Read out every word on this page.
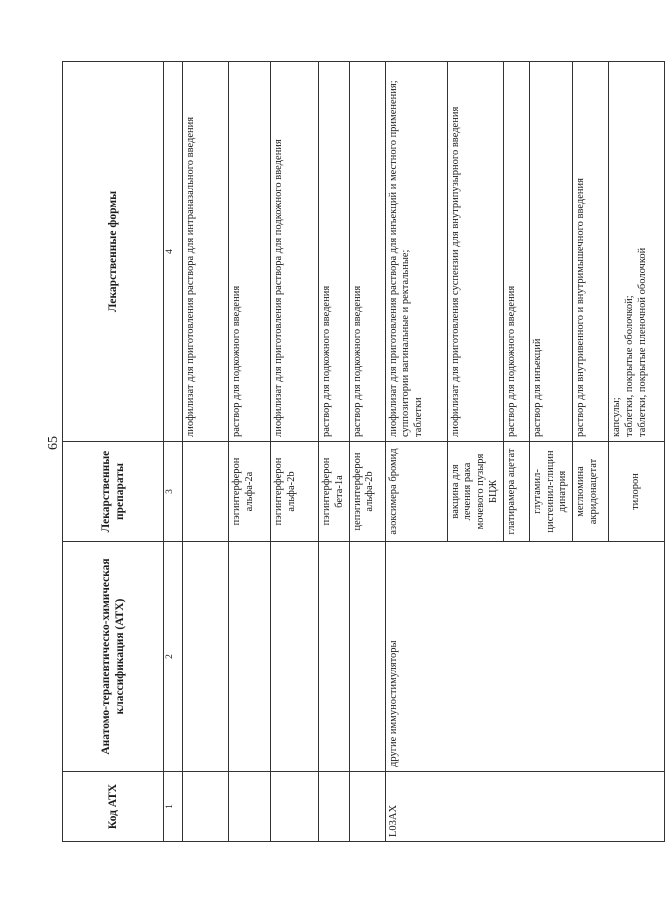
65
Код АТХ	Анатомо-терапевтическо-химическая классификация (АТХ)	Лекарственные препараты	Лекарственные формы
1	2	3	4
			лиофилизат для приготовления раствора для интраназального введения
		пэгинтерферон альфа-2а	раствор для подкожного введения
		пэгинтерферон альфа-2b	лиофилизат для приготовления раствора для подкожного введения
		пэгинтерферон бета-1а	раствор для подкожного введения
		цепэгинтерферон альфа-2b	раствор для подкожного введения
L03AX	другие иммуностимуляторы	азоксимера бромид	лиофилизат для приготовления раствора для инъекций и местного применения;
суппозитории вагинальные и ректальные;
таблетки
		вакцина для лечения рака мочевого пузыря БЦЖ	лиофилизат для приготовления суспензии для внутрипузырного введения
		глатирамера ацетат	раствор для подкожного введения
		глутамил-цистеинил-глицин динатрия	раствор для инъекций
		меглюмина акридонацетат	раствор для внутривенного и внутримышечного введения
		тилорон	капсулы;
таблетки, покрытые оболочкой;
таблетки, покрытые пленочной оболочкой
